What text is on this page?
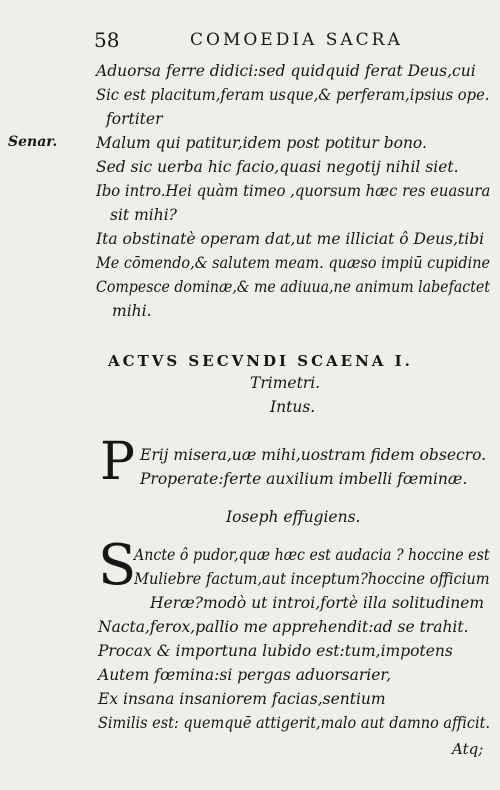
58	COMOEDIA SACRA
Senar.
Aduorsa ferre didici:sed quidquid ferat Deus,cui
Sic est placitum,feram usque,& perferam,ipsius ope.
fortiter
Malum qui patitur,idem post potitur bono.
Sed sic uerba hic facio,quasi negotij nihil siet.
Ibo intro.Hei quàm timeo ,quorsum hæc res euasura
sit mihi?
Ita obstinatè operam dat,ut me illiciat ô Deus,tibi
Me cōmendo,& salutem meam. quæso impiū cupidine
Compesce dominæ,& me adiuua,ne animum labefactet
mihi.
ACTVS SECVNDI SCAENA I.
Trimetri.
Intus.
P Erij misera,uæ mihi,uostram fidem obsecro.
Properate:ferte auxilium imbelli fœminæ.
Ioseph effugiens.
S
Ancte ô pudor,quæ hæc est audacia ? hoccine est
Muliebre factum,aut inceptum?hoccine officium
Heræ?modò ut introi,fortè illa solitudinem
Nacta,ferox,pallio me apprehendit:ad se trahit.
Procax & importuna lubido est:tum,impotens
Autem fœmina:si pergas aduorsarier,
Ex insana insaniorem facias,sentium
Similis est: quemquē attigerit,malo aut damno afficit.
Atq;
